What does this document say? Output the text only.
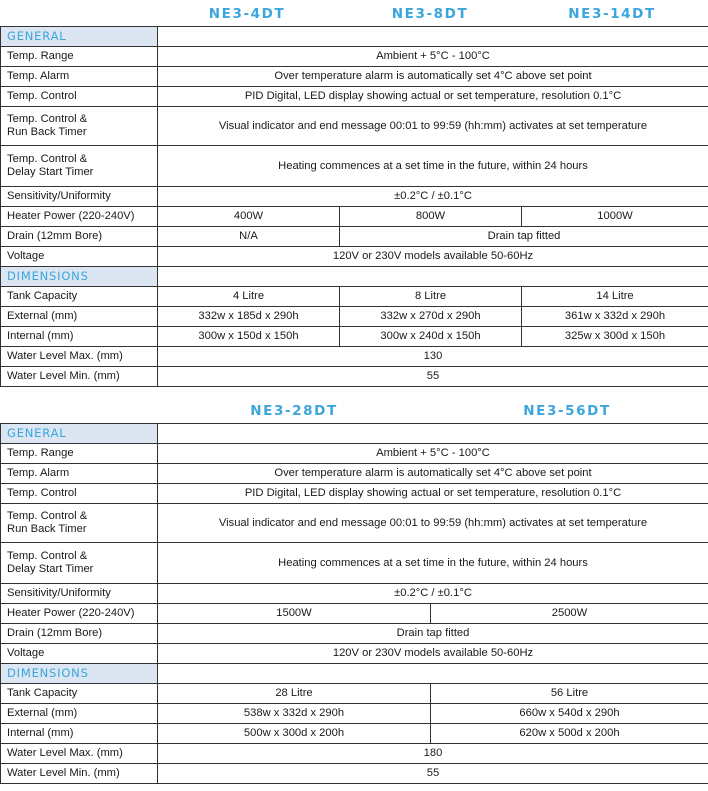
NE3-4DT	NE3-8DT	NE3-14DT
GENERAL			
Temp. Range	Ambient + 5°C - 100°C		
Temp. Alarm	Over temperature alarm is automatically set 4°C above set point		
Temp. Control	PID Digital, LED display showing actual or set temperature, resolution 0.1°C		
Temp. Control &
Run Back Timer	Visual indicator and end message 00:01 to 99:59 (hh:mm) activates at set temperature		
Temp. Control &
Delay Start Timer	Heating commences at a set time in the future, within 24 hours		
Sensitivity/Uniformity	±0.2°C / ±0.1°C		
Heater Power (220-240V)	400W	800W	1000W
Drain (12mm Bore)	N/A	Drain tap fitted	
Voltage	120V or 230V models available 50-60Hz		
DIMENSIONS			
Tank Capacity	4 Litre	8 Litre	14 Litre
External (mm)	332w x 185d x 290h	332w x 270d x 290h	361w x 332d x 290h
Internal (mm)	300w x 150d x 150h	300w x 240d x 150h	325w x 300d x 150h
Water Level Max. (mm)	130		
Water Level Min. (mm)	55		
NE3-28DT	NE3-56DT
GENERAL		
Temp. Range	Ambient + 5°C - 100°C	
Temp. Alarm	Over temperature alarm is automatically set 4°C above set point	
Temp. Control	PID Digital, LED display showing actual or set temperature, resolution 0.1°C	
Temp. Control &
Run Back Timer	Visual indicator and end message 00:01 to 99:59 (hh:mm) activates at set temperature	
Temp. Control &
Delay Start Timer	Heating commences at a set time in the future, within 24 hours	
Sensitivity/Uniformity	±0.2°C / ±0.1°C	
Heater Power (220-240V)	1500W	2500W
Drain (12mm Bore)	Drain tap fitted	
Voltage	120V or 230V models available 50-60Hz	
DIMENSIONS		
Tank Capacity	28 Litre	56 Litre
External (mm)	538w x 332d x 290h	660w x 540d x 290h
Internal (mm)	500w x 300d x 200h	620w x 500d x 200h
Water Level Max. (mm)	180	
Water Level Min. (mm)	55	
